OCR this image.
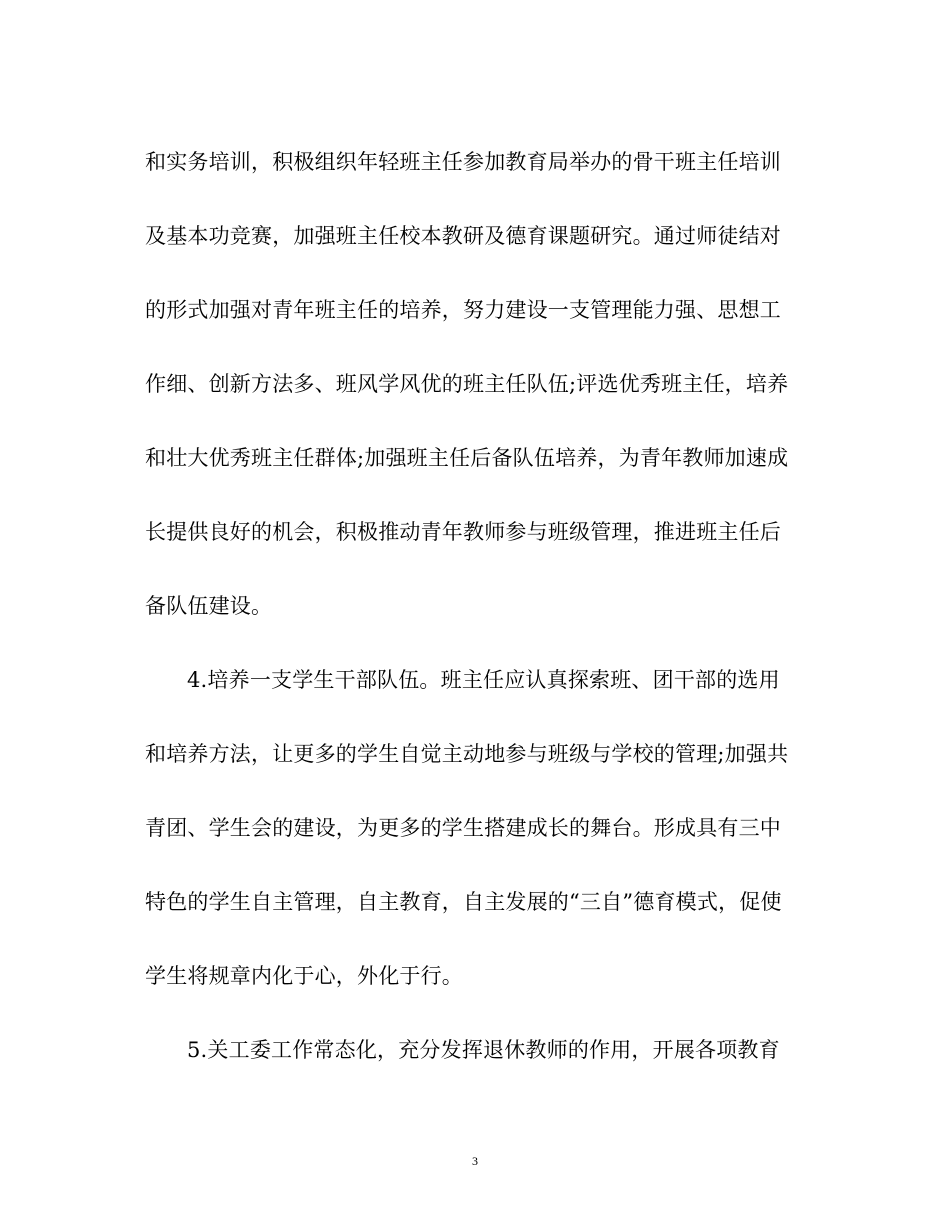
和实务培训，积极组织年轻班主任参加教育局举办的骨干班主任培训
及基本功竞赛，加强班主任校本教研及德育课题研究。通过师徒结对
的形式加强对青年班主任的培养，努力建设一支管理能力强、思想工
作细、创新方法多、班风学风优的班主任队伍;评选优秀班主任，培养
和壮大优秀班主任群体;加强班主任后备队伍培养，为青年教师加速成
长提供良好的机会，积极推动青年教师参与班级管理，推进班主任后
备队伍建设。
4.培养一支学生干部队伍。班主任应认真探索班、团干部的选用
和培养方法，让更多的学生自觉主动地参与班级与学校的管理;加强共
青团、学生会的建设，为更多的学生搭建成长的舞台。形成具有三中
特色的学生自主管理，自主教育，自主发展的“三自”德育模式，促使
学生将规章内化于心，外化于行。
5.关工委工作常态化，充分发挥退休教师的作用，开展各项教育
3
